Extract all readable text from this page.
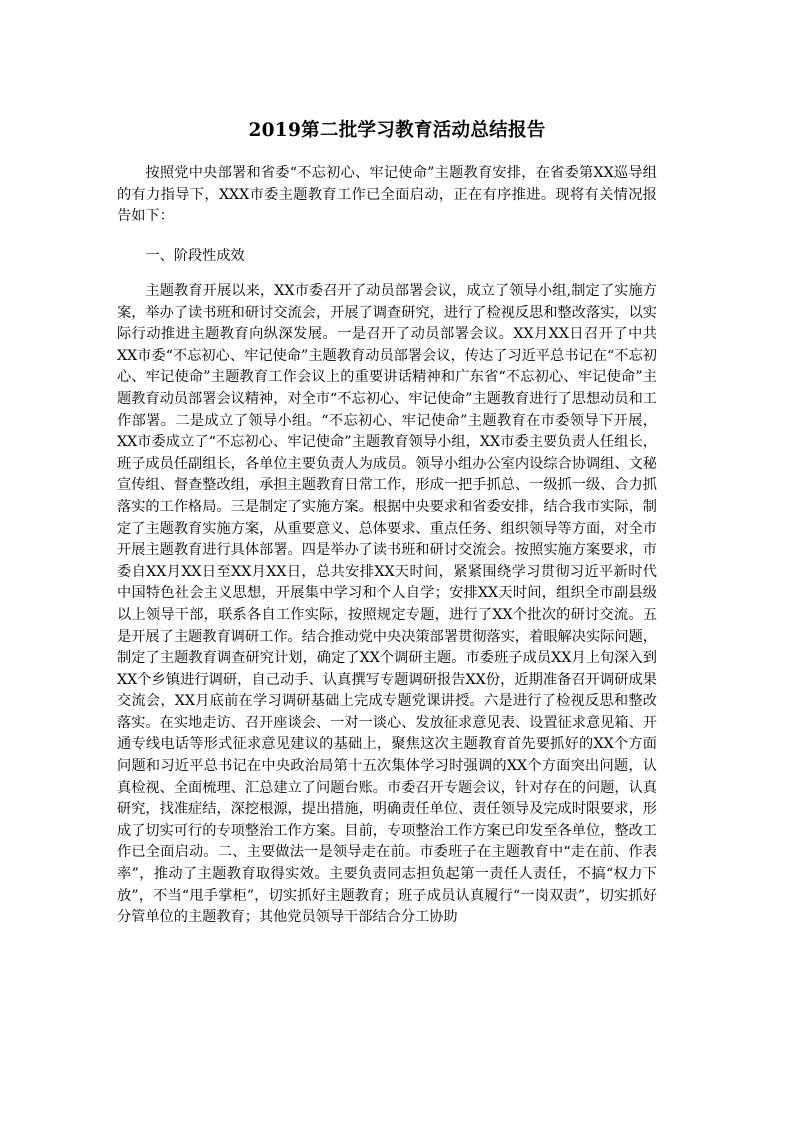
2019第二批学习教育活动总结报告

按照党中央部署和省委“不忘初心、牢记使命”主题教育安排，在省委第XX巡导组的有力指导下，XXX市委主题教育工作已全面启动，正在有序推进。现将有关情况报告如下：

一、阶段性成效

主题教育开展以来，XX市委召开了动员部署会议，成立了领导小组,制定了实施方案，举办了读书班和研讨交流会，开展了调查研究，进行了检视反思和整改落实，以实际行动推进主题教育向纵深发展。一是召开了动员部署会议。XX月XX日召开了中共XX市委“不忘初心、牢记使命”主题教育动员部署会议，传达了习近平总书记在“不忘初心、牢记使命”主题教育工作会议上的重要讲话精神和广东省“不忘初心、牢记使命”主题教育动员部署会议精神，对全市“不忘初心、牢记使命”主题教育进行了思想动员和工作部署。二是成立了领导小组。“不忘初心、牢记使命”主题教育在市委领导下开展，XX市委成立了“不忘初心、牢记使命”主题教育领导小组，XX市委主要负责人任组长，班子成员任副组长，各单位主要负责人为成员。领导小组办公室内设综合协调组、文秘宣传组、督查整改组，承担主题教育日常工作，形成一把手抓总、一级抓一级、合力抓落实的工作格局。三是制定了实施方案。根据中央要求和省委安排，结合我市实际，制定了主题教育实施方案，从重要意义、总体要求、重点任务、组织领导等方面，对全市开展主题教育进行具体部署。四是举办了读书班和研讨交流会。按照实施方案要求，市委自XX月XX日至XX月XX日，总共安排XX天时间，紧紧围绕学习贯彻习近平新时代中国特色社会主义思想，开展集中学习和个人自学；安排XX天时间，组织全市副县级以上领导干部，联系各自工作实际，按照规定专题，进行了XX个批次的研讨交流。五是开展了主题教育调研工作。结合推动党中央决策部署贯彻落实，着眼解决实际问题，制定了主题教育调查研究计划，确定了XX个调研主题。市委班子成员XX月上旬深入到XX个乡镇进行调研，自己动手、认真撰写专题调研报告XX份，近期准备召开调研成果交流会，XX月底前在学习调研基础上完成专题党课讲授。六是进行了检视反思和整改落实。在实地走访、召开座谈会、一对一谈心、发放征求意见表、设置征求意见箱、开通专线电话等形式征求意见建议的基础上，聚焦这次主题教育首先要抓好的XX个方面问题和习近平总书记在中央政治局第十五次集体学习时强调的XX个方面突出问题，认真检视、全面梳理、汇总建立了问题台账。市委召开专题会议，针对存在的问题，认真研究，找准症结，深挖根源，提出措施，明确责任单位、责任领导及完成时限要求，形成了切实可行的专项整治工作方案。目前，专项整治工作方案已印发至各单位，整改工作已全面启动。二、主要做法一是领导走在前。市委班子在主题教育中“走在前、作表率”，推动了主题教育取得实效。主要负责同志担负起第一责任人责任，不搞“权力下放”，不当“甩手掌柜”，切实抓好主题教育；班子成员认真履行“一岗双责”，切实抓好分管单位的主题教育；其他党员领导干部结合分工协助
